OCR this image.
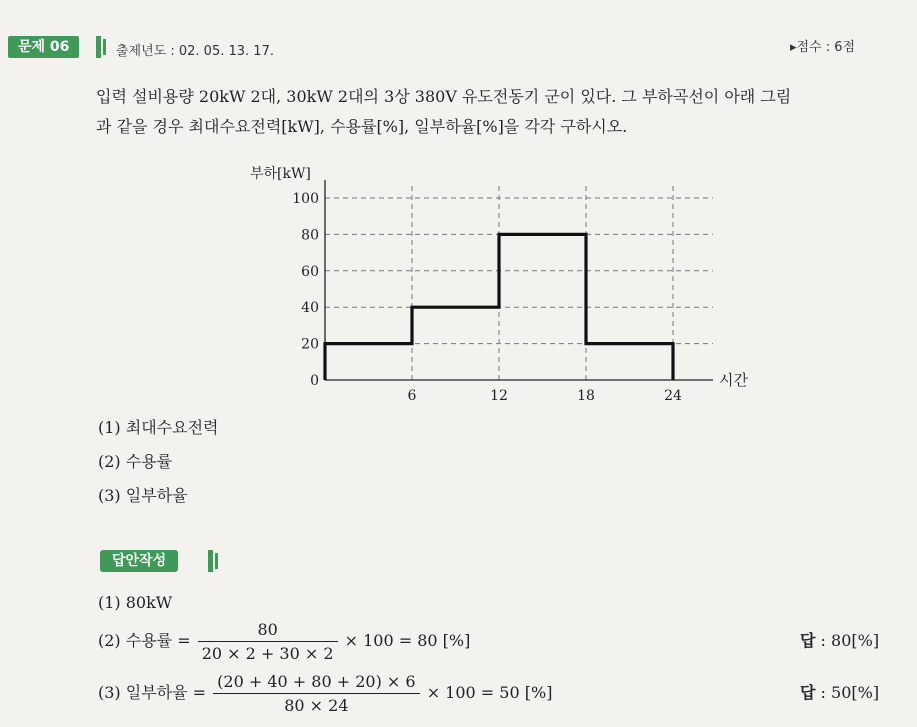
문제 06	출제년도 : 02. 05. 13. 17.	▸점수 : 6점
입력 설비용량 20kW 2대, 30kW 2대의 3상 380V 유도전동기 군이 있다. 그 부하곡선이 아래 그림
과 같을 경우 최대수요전력[kW], 수용률[%], 일부하율[%]을 각각 구하시오.
0
20
40
60
80
100
6	12	18	24
부하[kW]
시간
(1) 최대수요전력
(2) 수용률
(3) 일부하율
답안작성
(1) 80kW
(2) 수용률 = $\frac{80}{20 \times 2 + 30 \times 2} \times 100 = 80$ [%]	답 : 80[%]
(3) 일부하율 = $\frac{(20 + 40 + 80 + 20) \times 6}{80 \times 24} \times 100 = 50$ [%]	답 : 50[%]
